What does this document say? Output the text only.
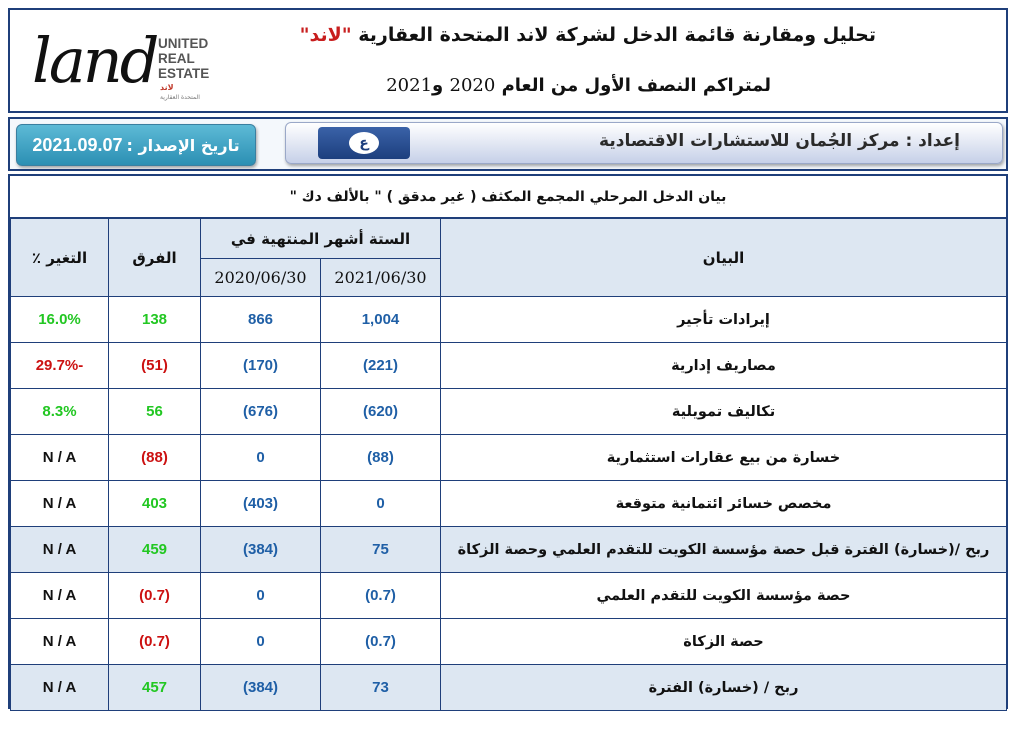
land UNITED
REAL
ESTATE
لاند
المتحدة العقارية
تحليل ومقارنة قائمة الدخل لشركة لاند المتحدة العقارية "لاند"
لمتراكم النصف الأول من العام 2020 و2021
تاريخ الإصدار :
2021.09.07	إعداد : مركز الجُمان للاستشارات الاقتصادية
ع
بيان الدخل المرحلي المجمع المكثف ( غير مدقق ) " بالألف دك "
البيان	الستة أشهر المنتهية في		الفرق	التغير ٪
	2021/06/30	2020/06/30		
إيرادات تأجير	1,004	866	138	16.0%
مصاريف إدارية	(221)	(170)	(51)	-29.7%
تكاليف تمويلية	(620)	(676)	56	8.3%
خسارة من بيع عقارات استثمارية	(88)	0	(88)	N / A
مخصص خسائر ائتمانية متوقعة	0	(403)	403	N / A
ربح /(خسارة) الفترة قبل حصة مؤسسة الكويت للتقدم العلمي وحصة الزكاة	75	(384)	459	N / A
حصة مؤسسة الكويت للتقدم العلمي	(0.7)	0	(0.7)	N / A
حصة الزكاة	(0.7)	0	(0.7)	N / A
ربح / (خسارة) الفترة	73	(384)	457	N / A
